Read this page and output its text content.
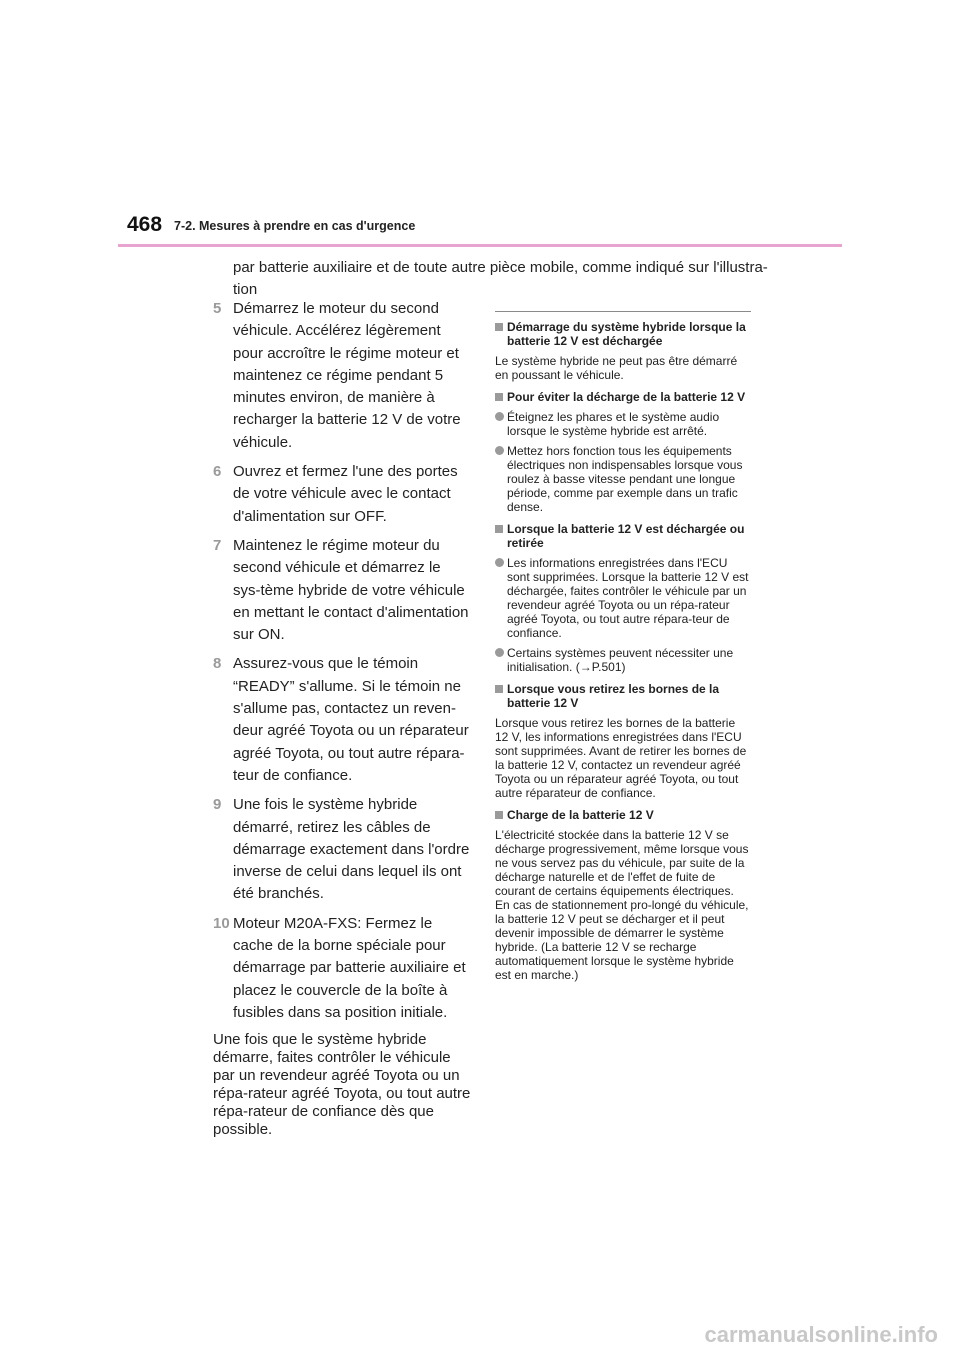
468 7-2. Mesures à prendre en cas d'urgence
par batterie auxiliaire et de toute autre pièce mobile, comme indiqué sur l'illustra-
tion
5 Démarrez le moteur du second véhicule. Accélérez légèrement pour accroître le régime moteur et maintenez ce régime pendant 5 minutes environ, de manière à recharger la batterie 12 V de votre véhicule.
6 Ouvrez et fermez l'une des portes de votre véhicule avec le contact d'alimentation sur OFF.
7 Maintenez le régime moteur du second véhicule et démarrez le sys-tème hybride de votre véhicule en mettant le contact d'alimentation sur ON.
8 Assurez-vous que le témoin “READY” s'allume. Si le témoin ne s'allume pas, contactez un reven-deur agréé Toyota ou un réparateur agréé Toyota, ou tout autre répara-teur de confiance.
9 Une fois le système hybride démarré, retirez les câbles de démarrage exactement dans l'ordre inverse de celui dans lequel ils ont été branchés.
10 Moteur M20A-FXS: Fermez le cache de la borne spéciale pour démarrage par batterie auxiliaire et placez le couvercle de la boîte à fusibles dans sa position initiale.
Une fois que le système hybride démarre, faites contrôler le véhicule par un revendeur agréé Toyota ou un répa-rateur agréé Toyota, ou tout autre répa-rateur de confiance dès que possible.
Démarrage du système hybride lorsque la batterie 12 V est déchargée
Le système hybride ne peut pas être démarré en poussant le véhicule.
Pour éviter la décharge de la batterie 12 V
Éteignez les phares et le système audio lorsque le système hybride est arrêté.
Mettez hors fonction tous les équipements électriques non indispensables lorsque vous roulez à basse vitesse pendant une longue période, comme par exemple dans un trafic dense.
Lorsque la batterie 12 V est déchargée ou retirée
Les informations enregistrées dans l'ECU sont supprimées. Lorsque la batterie 12 V est déchargée, faites contrôler le véhicule par un revendeur agréé Toyota ou un répa-rateur agréé Toyota, ou tout autre répara-teur de confiance.
Certains systèmes peuvent nécessiter une initialisation. (→P.501)
Lorsque vous retirez les bornes de la batterie 12 V
Lorsque vous retirez les bornes de la batterie 12 V, les informations enregistrées dans l'ECU sont supprimées. Avant de retirer les bornes de la batterie 12 V, contactez un revendeur agréé Toyota ou un réparateur agréé Toyota, ou tout autre réparateur de confiance.
Charge de la batterie 12 V
L'électricité stockée dans la batterie 12 V se décharge progressivement, même lorsque vous ne vous servez pas du véhicule, par suite de la décharge naturelle et de l'effet de fuite de courant de certains équipements électriques. En cas de stationnement pro-longé du véhicule, la batterie 12 V peut se décharger et il peut devenir impossible de démarrer le système hybride. (La batterie 12 V se recharge automatiquement lorsque le système hybride est en marche.)
carmanualsonline.info
